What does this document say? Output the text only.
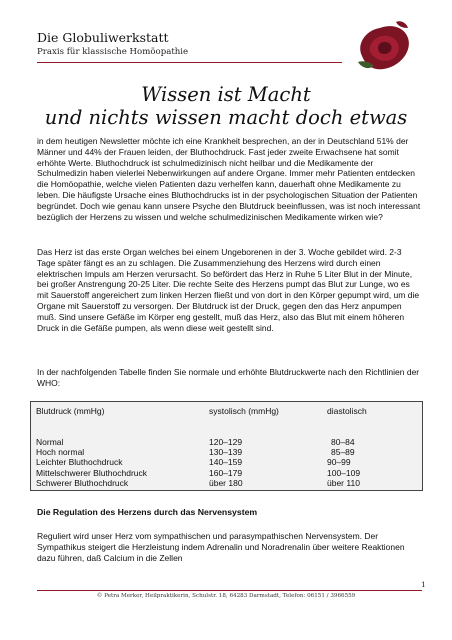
Die Globuliwerkstatt
Praxis für klassische Homöopathie
Wissen ist Macht
und nichts wissen macht doch etwas
in dem heutigen Newsletter möchte ich eine Krankheit besprechen, an der in Deutschland 51% der Männer und 44% der Frauen leiden, der Bluthochdruck. Fast jeder zweite Erwachsene hat somit erhöhte Werte. Bluthochdruck ist schulmedizinisch nicht heilbar und die Medikamente der Schulmedizin haben vielerlei Nebenwirkungen auf andere Organe. Immer mehr Patienten entdecken die Homöopathie, welche vielen Patienten dazu verhelfen kann, dauerhaft ohne Medikamente zu leben. Die häufigste Ursache eines Bluthochdrucks ist in der psychologischen Situation der Patienten begründet. Doch wie genau kann unsere Psyche den Blutdruck beeinflussen, was ist noch interessant bezüglich der Herzens zu wissen und welche schulmedizinischen Medikamente wirken wie?
Das Herz ist das erste Organ welches bei einem Ungeborenen in der 3. Woche gebildet wird. 2-3 Tage später fängt es an zu schlagen. Die Zusammenziehung des Herzens wird durch einen elektrischen Impuls am Herzen verursacht. So befördert das Herz in Ruhe 5 Liter Blut in der Minute, bei großer Anstrengung 20-25 Liter. Die rechte Seite des Herzens pumpt das Blut zur Lunge, wo es mit Sauerstoff angereichert zum linken Herzen fließt und von dort in den Körper gepumpt wird, um die Organe mit Sauerstoff zu versorgen. Der Blutdruck ist der Druck, gegen den das Herz anpumpen muß. Sind unsere Gefäße im Körper eng gestellt, muß das Herz, also das Blut mit einem höheren Druck in die Gefäße pumpen, als wenn diese weit gestellt sind.
In der nachfolgenden Tabelle finden Sie normale und erhöhte Blutdruckwerte nach den Richtlinien der WHO:
Blutdruck (mmHg)	systolisch (mmHg)	diastolisch
Normal	120–129	80–84
Hoch normal	130–139	85–89
Leichter Bluthochdruck	140–159	90–99
Mittelschwerer Bluthochdruck	160–179	100–109
Schwerer Bluthochdruck	über 180	über 110
Die Regulation des Herzens durch das Nervensystem
Reguliert wird unser Herz vom sympathischen und parasympathischen Nervensystem. Der Sympathikus steigert die Herzleistung indem Adrenalin und Noradrenalin über weitere Reaktionen dazu führen, daß Calcium in die Zellen
1
© Petra Merker, Heilpraktikerin, Schulstr. 18, 64283 Darmstadt, Telefon: 06151 / 3966559
